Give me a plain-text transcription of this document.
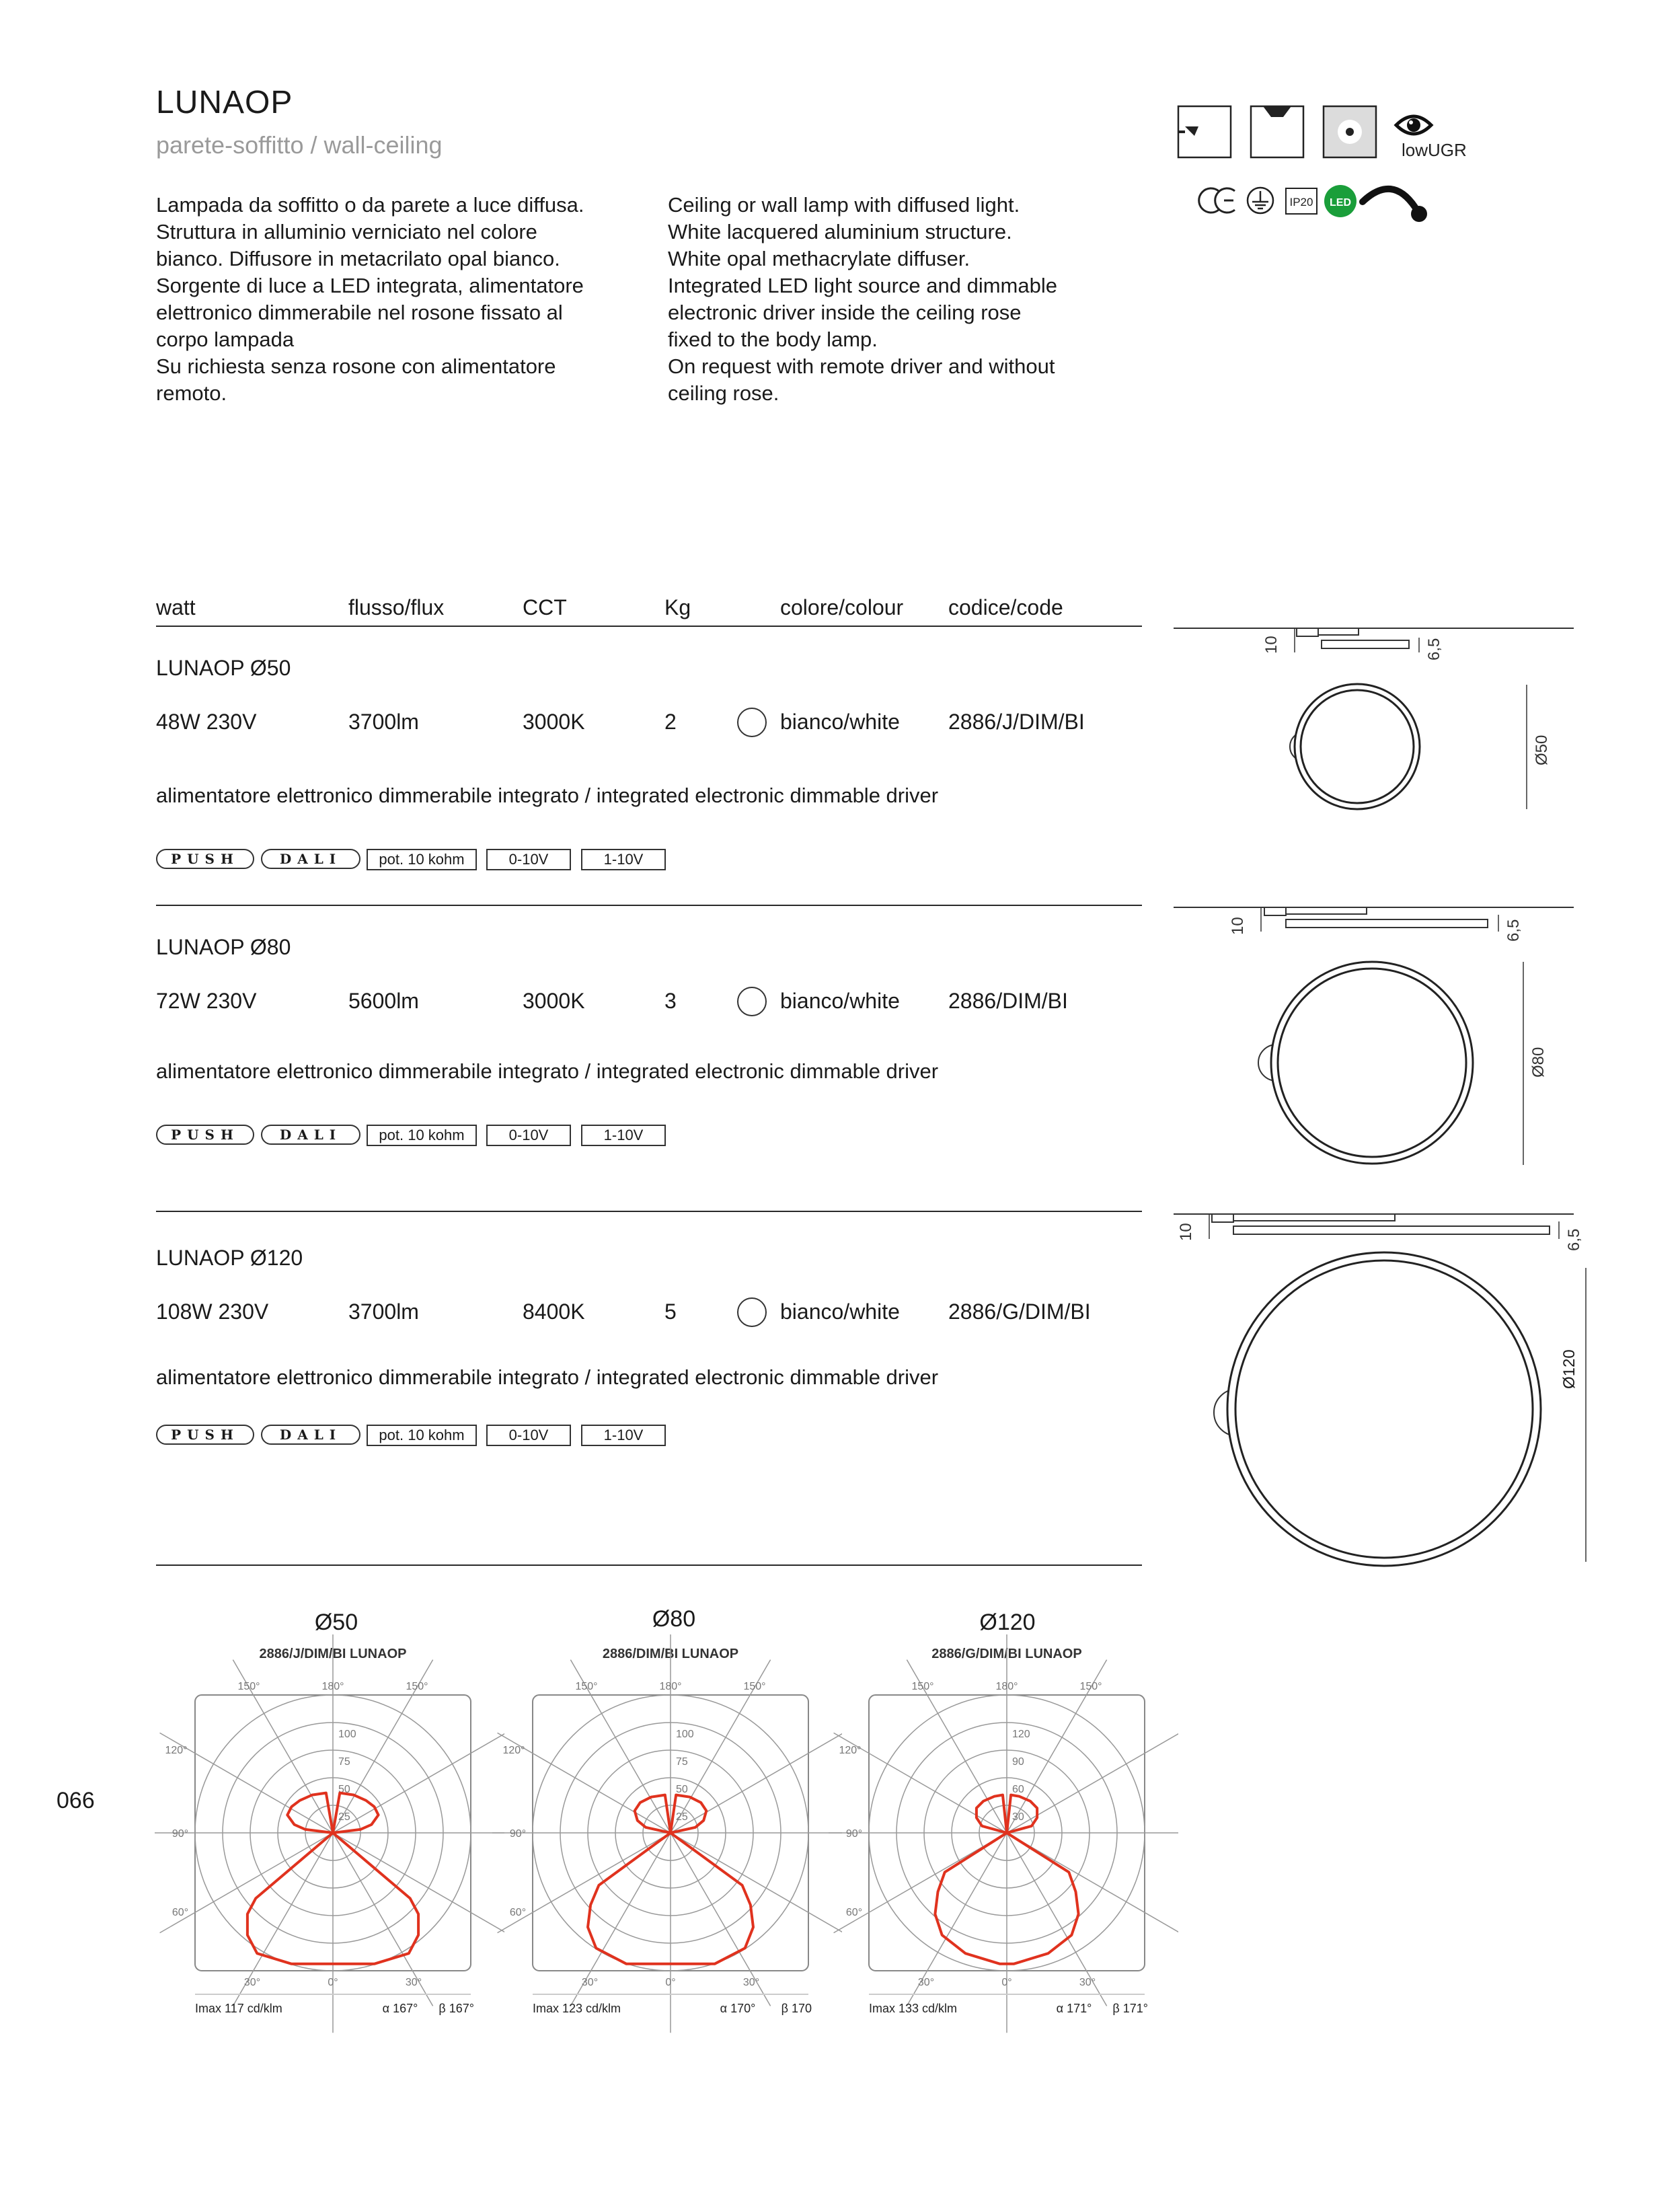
LUNAOP
parete-soffitto / wall-ceiling
Lampada da soffitto o da parete a luce diffusa.
Struttura in alluminio verniciato nel colore
bianco. Diffusore in metacrilato opal bianco.
Sorgente di luce a LED integrata, alimentatore
elettronico dimmerabile nel rosone fissato al
corpo lampada
Su richiesta senza rosone con alimentatore
remoto.
Ceiling or wall lamp with diffused light.
White lacquered aluminium structure.
White opal methacrylate diffuser.
Integrated LED light source and dimmable
electronic driver inside the ceiling rose
fixed to the body lamp.
On request with remote driver and without
ceiling rose.
lowUGR
IP20 LED
watt	flusso/flux	CCT	Kg	colore/colour codice/code
LUNAOP Ø50
48W 230V	3700lm	3000K	2	bianco/white 2886/J/DIM/BI
alimentatore elettronico dimmerabile integrato / integrated electronic dimmable driver
PUSH	DALI	pot. 10 kohm	0-10V	1-10V
LUNAOP Ø80
72W 230V	5600lm	3000K	3	bianco/white 2886/DIM/BI
alimentatore elettronico dimmerabile integrato / integrated electronic dimmable driver
PUSH	DALI	pot. 10 kohm	0-10V	1-10V
LUNAOP Ø120
108W 230V	3700lm	8400K	5	bianco/white 2886/G/DIM/BI
alimentatore elettronico dimmerabile integrato / integrated electronic dimmable driver
PUSH	DALI	pot. 10 kohm	0-10V	1-10V
10	6,5
Ø50
10	6,5
Ø80
10	6,5
Ø120
Ø50	Ø80	Ø120
066
2886/J/DIM/BI LUNAOP
150°	180°	150°
120°
90°
60°
30°	0°	30°
100
75
50
25
Imax 117 cd/klm	α 167° β 167°
2886/DIM/BI LUNAOP
150°	180°	150°
120°
90°
60°
30°	0°	30°
100
75
50
25
Imax 123 cd/klm	α 170° β 170
2886/G/DIM/BI LUNAOP
150°	180°	150°
120°
90°
60°
30°	0°	30°
120
90
60
30
Imax 133 cd/klm	α 171° β 171°
